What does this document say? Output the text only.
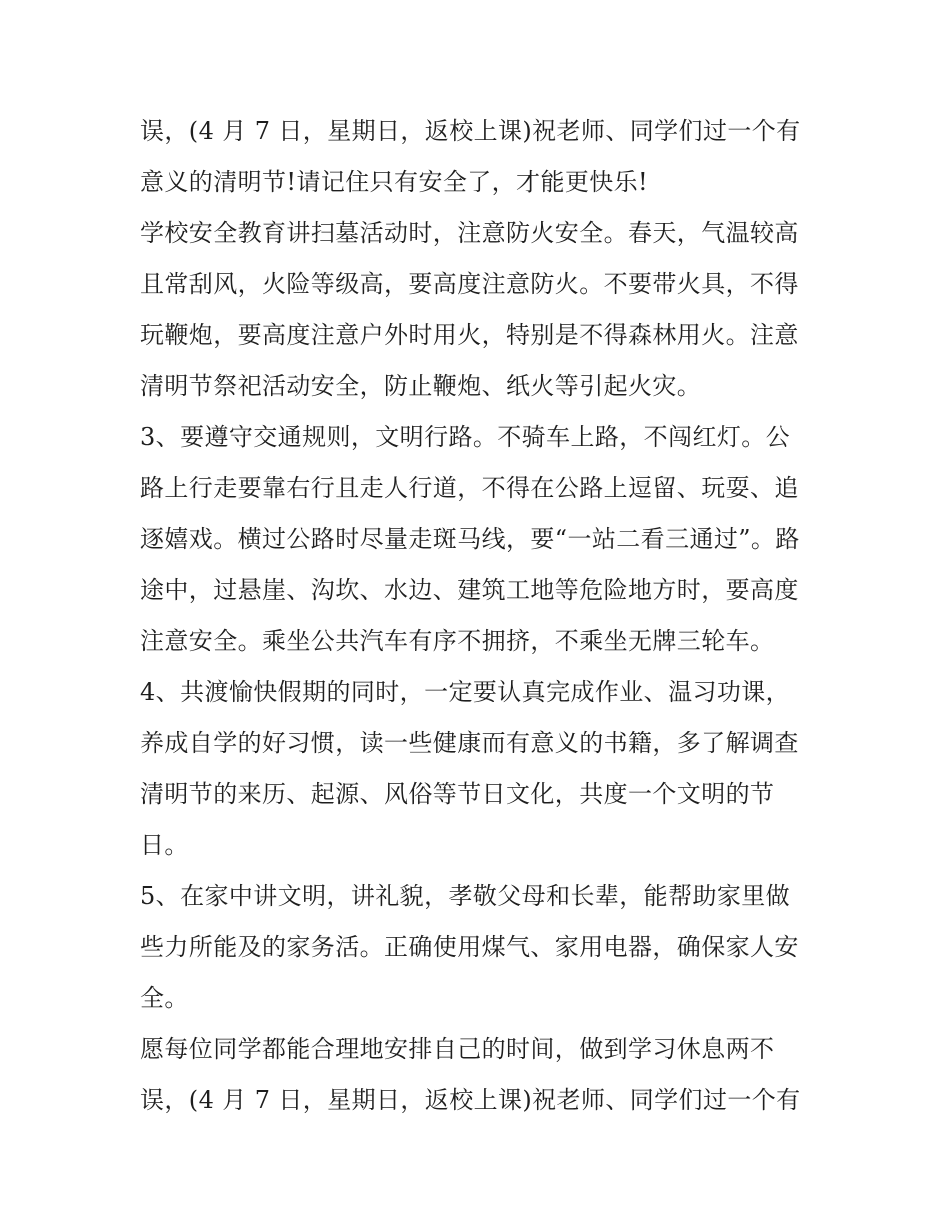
误，(4 月 7 日，星期日，返校上课)祝老师、同学们过一个有
意义的清明节!请记住只有安全了，才能更快乐!
学校安全教育讲扫墓活动时，注意防火安全。春天，气温较高
且常刮风，火险等级高，要高度注意防火。不要带火具，不得
玩鞭炮，要高度注意户外时用火，特别是不得森林用火。注意
清明节祭祀活动安全，防止鞭炮、纸火等引起火灾。
3、要遵守交通规则，文明行路。不骑车上路，不闯红灯。公
路上行走要靠右行且走人行道，不得在公路上逗留、玩耍、追
逐嬉戏。横过公路时尽量走斑马线，要“一站二看三通过”。路
途中，过悬崖、沟坎、水边、建筑工地等危险地方时，要高度
注意安全。乘坐公共汽车有序不拥挤，不乘坐无牌三轮车。
4、共渡愉快假期的同时，一定要认真完成作业、温习功课，
养成自学的好习惯，读一些健康而有意义的书籍，多了解调查
清明节的来历、起源、风俗等节日文化，共度一个文明的节
日。
5、在家中讲文明，讲礼貌，孝敬父母和长辈，能帮助家里做
些力所能及的家务活。正确使用煤气、家用电器，确保家人安
全。
愿每位同学都能合理地安排自己的时间，做到学习休息两不
误，(4 月 7 日，星期日，返校上课)祝老师、同学们过一个有
